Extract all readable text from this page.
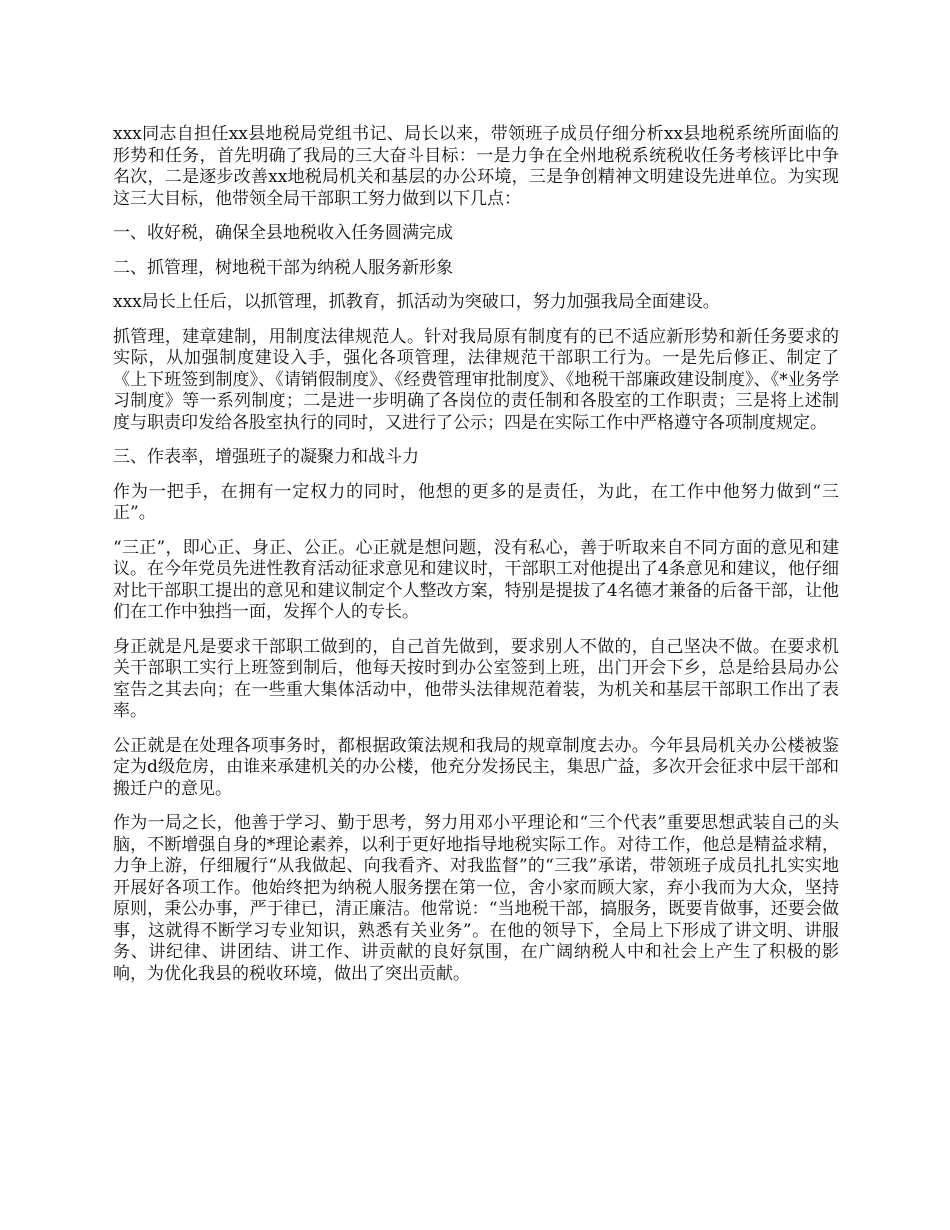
xxx同志自担任xx县地税局党组书记、局长以来，带领班子成员仔细分析xx县地税系统所面临的形势和任务，首先明确了我局的三大奋斗目标：一是力争在全州地税系统税收任务考核评比中争名次，二是逐步改善xx地税局机关和基层的办公环境，三是争创精神文明建设先进单位。为实现这三大目标，他带领全局干部职工努力做到以下几点：

一、收好税，确保全县地税收入任务圆满完成

二、抓管理，树地税干部为纳税人服务新形象

xxx局长上任后，以抓管理，抓教育，抓活动为突破口，努力加强我局全面建设。

抓管理，建章建制，用制度法律规范人。针对我局原有制度有的已不适应新形势和新任务要求的实际，从加强制度建设入手，强化各项管理，法律规范干部职工行为。一是先后修正、制定了《上下班签到制度》、《请销假制度》、《经费管理审批制度》、《地税干部廉政建设制度》、《*业务学习制度》等一系列制度；二是进一步明确了各岗位的责任制和各股室的工作职责；三是将上述制度与职责印发给各股室执行的同时，又进行了公示；四是在实际工作中严格遵守各项制度规定。

三、作表率，增强班子的凝聚力和战斗力

作为一把手，在拥有一定权力的同时，他想的更多的是责任，为此，在工作中他努力做到“三正”。

“三正”，即心正、身正、公正。心正就是想问题，没有私心，善于听取来自不同方面的意见和建议。在今年党员先进性教育活动征求意见和建议时，干部职工对他提出了4条意见和建议，他仔细对比干部职工提出的意见和建议制定个人整改方案，特别是提拔了4名德才兼备的后备干部，让他们在工作中独挡一面，发挥个人的专长。

身正就是凡是要求干部职工做到的，自己首先做到，要求别人不做的，自己坚决不做。在要求机关干部职工实行上班签到制后，他每天按时到办公室签到上班，出门开会下乡，总是给县局办公室告之其去向；在一些重大集体活动中，他带头法律规范着装，为机关和基层干部职工作出了表率。

公正就是在处理各项事务时，都根据政策法规和我局的规章制度去办。今年县局机关办公楼被鉴定为d级危房，由谁来承建机关的办公楼，他充分发扬民主，集思广益，多次开会征求中层干部和搬迁户的意见。

作为一局之长，他善于学习、勤于思考，努力用邓小平理论和“三个代表”重要思想武装自己的头脑，不断增强自身的*理论素养，以利于更好地指导地税实际工作。对待工作，他总是精益求精，力争上游，仔细履行“从我做起、向我看齐、对我监督”的“三我”承诺，带领班子成员扎扎实实地开展好各项工作。他始终把为纳税人服务摆在第一位，舍小家而顾大家，弃小我而为大众，坚持原则，秉公办事，严于律已，清正廉洁。他常说：“当地税干部，搞服务，既要肯做事，还要会做事，这就得不断学习专业知识，熟悉有关业务”。在他的领导下，全局上下形成了讲文明、讲服务、讲纪律、讲团结、讲工作、讲贡献的良好氛围，在广阔纳税人中和社会上产生了积极的影响，为优化我县的税收环境，做出了突出贡献。
